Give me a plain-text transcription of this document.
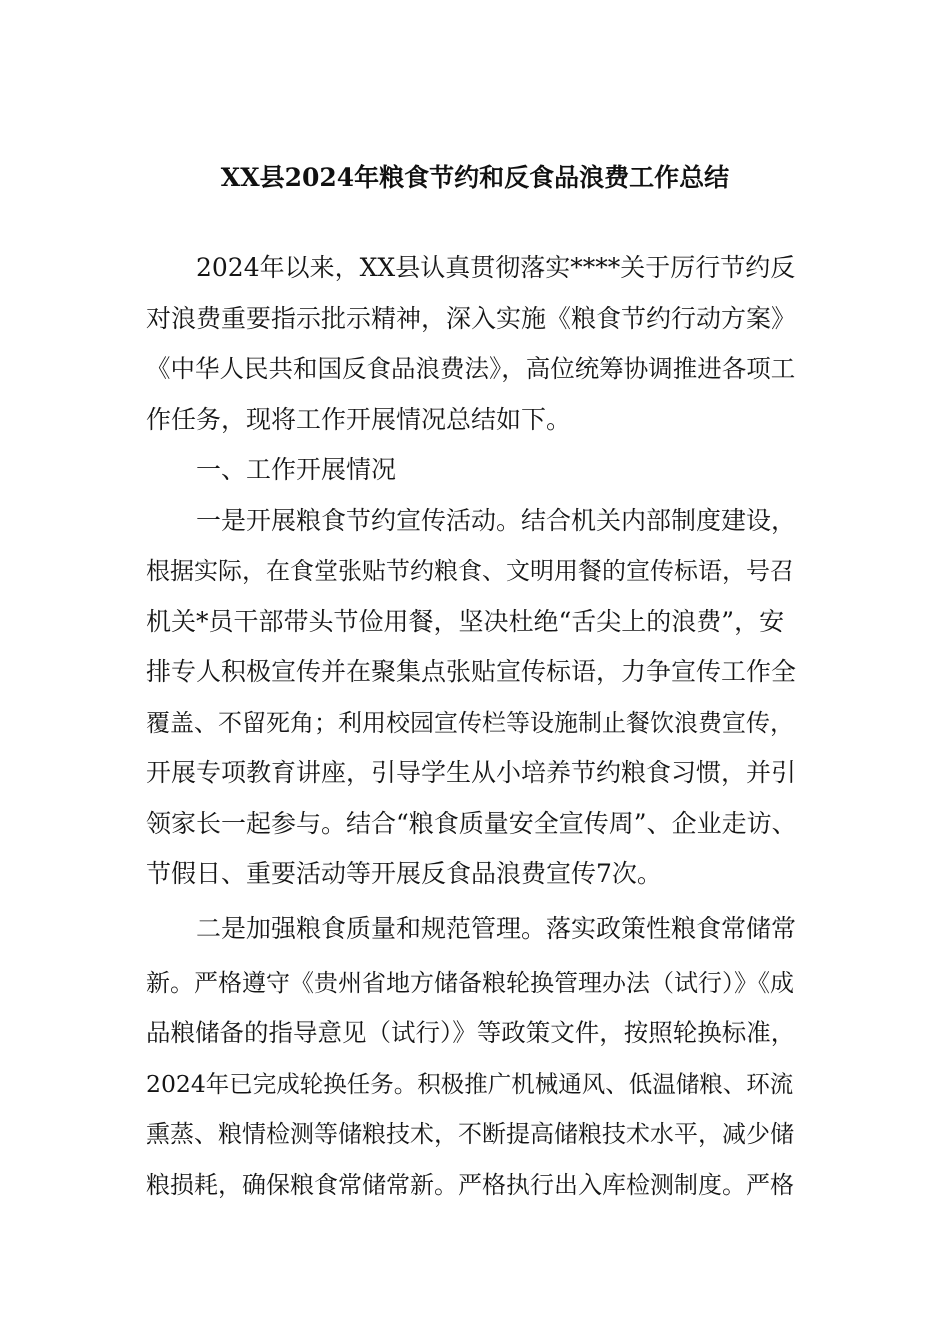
XX县2024年粮食节约和反食品浪费工作总结
2024年以来，XX县认真贯彻落实****关于厉行节约反
对浪费重要指示批示精神，深入实施《粮食节约行动方案》
《中华人民共和国反食品浪费法》，高位统筹协调推进各项工
作任务，现将工作开展情况总结如下。
一、工作开展情况
一是开展粮食节约宣传活动。结合机关内部制度建设，
根据实际，在食堂张贴节约粮食、文明用餐的宣传标语，号召
机关*员干部带头节俭用餐，坚决杜绝“舌尖上的浪费”，安
排专人积极宣传并在聚集点张贴宣传标语，力争宣传工作全
覆盖、不留死角；利用校园宣传栏等设施制止餐饮浪费宣传，
开展专项教育讲座，引导学生从小培养节约粮食习惯，并引
领家长一起参与。结合“粮食质量安全宣传周”、企业走访、
节假日、重要活动等开展反食品浪费宣传7次。
二是加强粮食质量和规范管理。落实政策性粮食常储常
新。严格遵守《贵州省地方储备粮轮换管理办法（试行）》《成
品粮储备的指导意见（试行）》等政策文件，按照轮换标准，
2024年已完成轮换任务。积极推广机械通风、低温储粮、环流
熏蒸、粮情检测等储粮技术，不断提高储粮技术水平，减少储
粮损耗，确保粮食常储常新。严格执行出入库检测制度。严格
